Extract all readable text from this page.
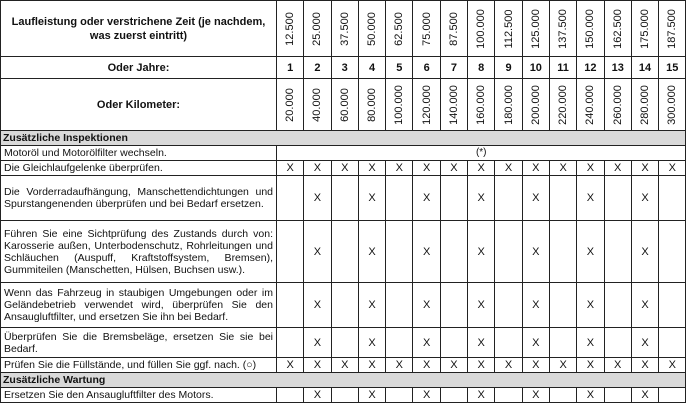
Laufleistung oder verstrichene Zeit (je nachdem, was zuerst eintritt)	12.500	25.000	37.500	50.000	62.500	75.000	87.500	100.000	112.500	125.000	137.500	150.000	162.500	175.000	187.500

Oder Jahre:	1	2	3	4	5	6	7	8	9	10	11	12	13	14	15
Oder Kilometer:	20.000	40.000	60.000	80.000	100.000	120.000	140.000	160.000	180.000	200.000	220.000	240.000	260.000	280.000	300.000

Zusätzliche Inspektionen															
Motoröl und Motorölfilter wechseln.	(*)														
Die Gleichlaufgelenke überprüfen.	X	X	X	X	X	X	X	X	X	X	X	X	X	X	X
Die Vorderradaufhängung, Manschettendichtungen und Spurstangenenden überprüfen und bei Bedarf ersetzen.		X		X		X		X		X		X		X	
Führen Sie eine Sichtprüfung des Zustands durch von: Karosserie außen, Unterbodenschutz, Rohrleitungen und Schläuchen (Auspuff, Kraftstoffsystem, Bremsen), Gummiteilen (Manschetten, Hülsen, Buchsen usw.).		X		X		X		X		X		X		X	
Wenn das Fahrzeug in staubigen Umgebungen oder im Geländebetrieb verwendet wird, überprüfen Sie den Ansaugluftfilter, und ersetzen Sie ihn bei Bedarf.		X		X		X		X		X		X		X	
Überprüfen Sie die Bremsbeläge, ersetzen Sie sie bei Bedarf.		X		X		X		X		X		X		X	
Prüfen Sie die Füllstände, und füllen Sie ggf. nach. (○)	X	X	X	X	X	X	X	X	X	X	X	X	X	X	X
Zusätzliche Wartung															
Ersetzen Sie den Ansaugluftfilter des Motors.		X		X		X		X		X		X		X	
